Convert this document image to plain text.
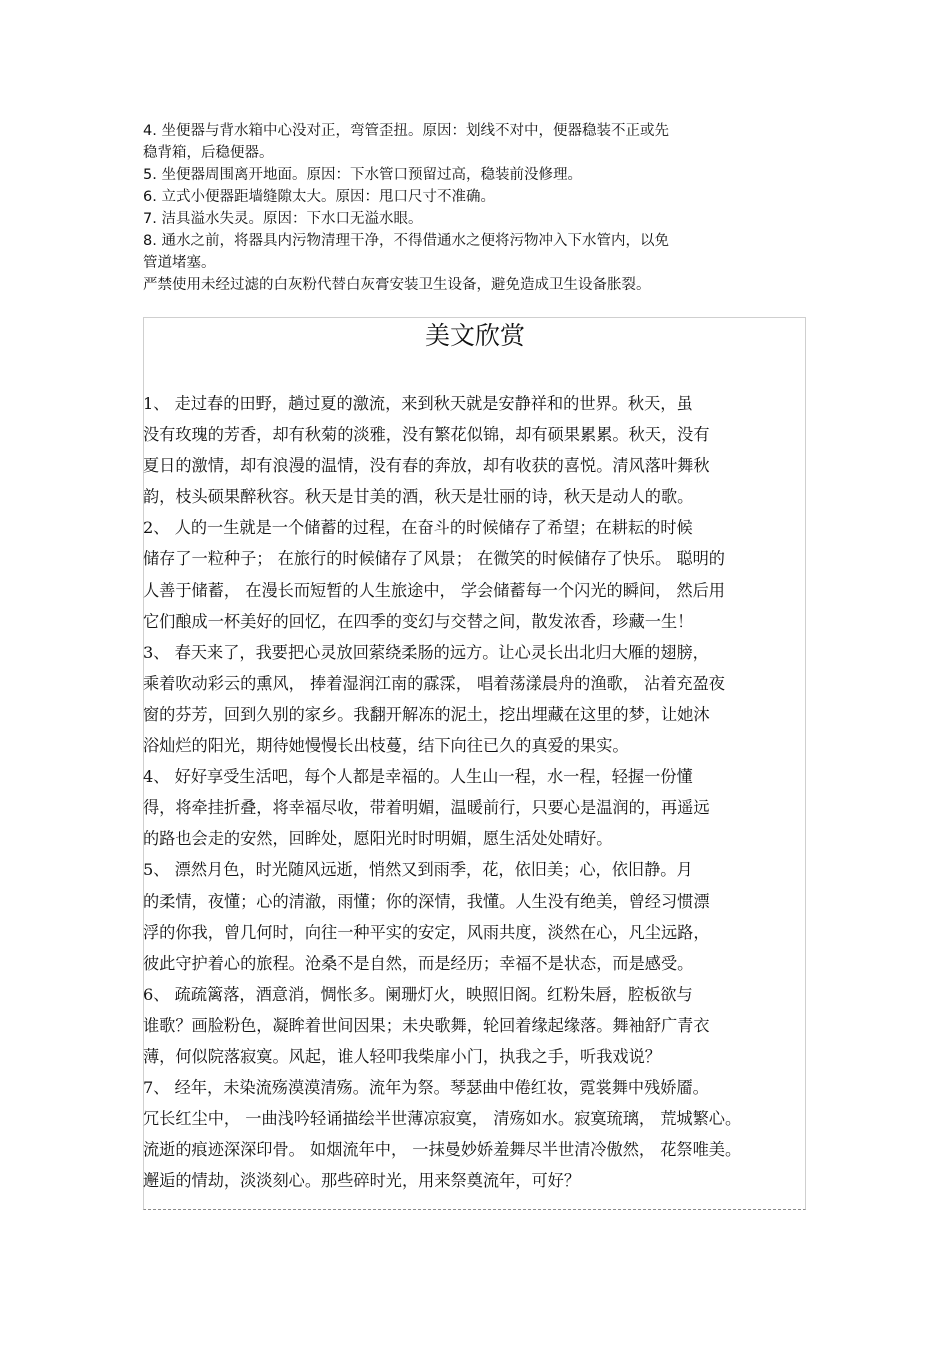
4. 坐便器与背水箱中心没对正，弯管歪扭。原因：划线不对中，便器稳装不正或先
稳背箱，后稳便器。
5. 坐便器周围离开地面。原因：下水管口预留过高，稳装前没修理。
6. 立式小便器距墙缝隙太大。原因：甩口尺寸不准确。
7. 洁具溢水失灵。原因：下水口无溢水眼。
8. 通水之前，将器具内污物清理干净，不得借通水之便将污物冲入下水管内，以免
管道堵塞。
严禁使用未经过滤的白灰粉代替白灰膏安装卫生设备，避免造成卫生设备胀裂。
美文欣赏
1、 走过春的田野，趟过夏的激流，来到秋天就是安静祥和的世界。秋天，虽
没有玫瑰的芳香，却有秋菊的淡雅，没有繁花似锦，却有硕果累累。秋天，没有
夏日的激情，却有浪漫的温情，没有春的奔放，却有收获的喜悦。清风落叶舞秋
韵，枝头硕果醉秋容。秋天是甘美的酒，秋天是壮丽的诗，秋天是动人的歌。
2、 人的一生就是一个储蓄的过程，在奋斗的时候储存了希望；在耕耘的时候
储存了一粒种子； 在旅行的时候储存了风景； 在微笑的时候储存了快乐。 聪明的
人善于储蓄， 在漫长而短暂的人生旅途中， 学会储蓄每一个闪光的瞬间， 然后用
它们酿成一杯美好的回忆，在四季的变幻与交替之间，散发浓香，珍藏一生！
3、 春天来了，我要把心灵放回萦绕柔肠的远方。让心灵长出北归大雁的翅膀，
乘着吹动彩云的熏风， 捧着湿润江南的霡霂， 唱着荡漾晨舟的渔歌， 沾着充盈夜
窗的芬芳，回到久别的家乡。我翻开解冻的泥土，挖出埋藏在这里的梦，让她沐
浴灿烂的阳光，期待她慢慢长出枝蔓，结下向往已久的真爱的果实。
4、 好好享受生活吧，每个人都是幸福的。人生山一程，水一程，轻握一份懂
得，将牵挂折叠，将幸福尽收，带着明媚，温暖前行，只要心是温润的，再遥远
的路也会走的安然，回眸处，愿阳光时时明媚，愿生活处处晴好。
5、 漂然月色，时光随风远逝，悄然又到雨季，花，依旧美；心，依旧静。月
的柔情，夜懂；心的清澈，雨懂；你的深情，我懂。人生没有绝美，曾经习惯漂
浮的你我，曾几何时，向往一种平实的安定，风雨共度，淡然在心，凡尘远路，
彼此守护着心的旅程。沧桑不是自然，而是经历；幸福不是状态，而是感受。
6、 疏疏篱落，酒意消，惆怅多。阑珊灯火，映照旧阁。红粉朱唇，腔板欲与
谁歌？画脸粉色，凝眸着世间因果；未央歌舞，轮回着缘起缘落。舞袖舒广青衣
薄，何似院落寂寞。风起，谁人轻叩我柴扉小门，执我之手，听我戏说？
7、 经年，未染流殇漠漠清殇。流年为祭。琴瑟曲中倦红妆，霓裳舞中残娇靥。
冗长红尘中， 一曲浅吟轻诵描绘半世薄凉寂寞， 清殇如水。寂寞琉璃， 荒城繁心。
流逝的痕迹深深印骨。 如烟流年中， 一抹曼妙娇羞舞尽半世清冷傲然， 花祭唯美。
邂逅的情劫，淡淡刻心。那些碎时光，用来祭奠流年，可好？
